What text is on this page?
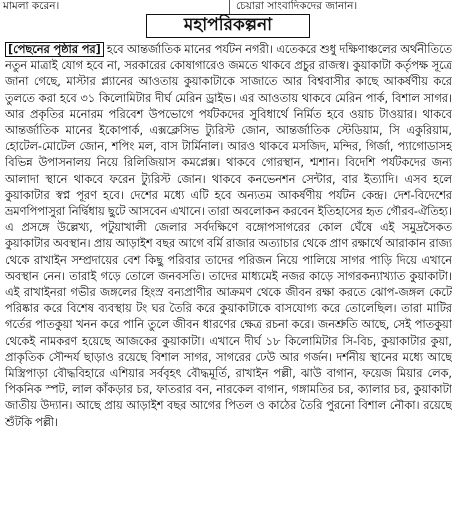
মামলা করেন।	চেয়ারা সাংবাদিকদের জানান।
মহাপরিকল্পনা
[পেছনের পৃষ্ঠার পর] হবে আন্তর্জাতিক মানের পর্যটন নগরী। এতেকরে শুধু দক্ষিণাঞ্চলের অর্থনীতিতে নতুন মাত্রাই যোগ হবে না, সরকারের কোষাগারেও জমতে থাকবে প্রচুর রাজস্ব। কুয়াকাটা কর্তৃপক্ষ সূত্রে জানা গেছে, মাস্টার প্ল্যানের আওতায় কুয়াকাটাকে সাজাতে আর বিশ্ববাসীর কাছে আকর্ষণীয় করে তুলতে করা হবে ৩১ কিলোমিটার দীর্ঘ মেরিন ড্রাইভ। এর আওতায় থাকবে মেরিন পার্ক, বিশাল সাগর। আর প্রকৃতির মনোরম পরিবেশ উপভোগে পর্যটকদের সুবিধার্থে নির্মিত হবে ওয়াচ টাওয়ার। থাকবে আন্তর্জাতিক মানের ইকোপার্ক, এক্সক্লেসিভ ট্যুরিস্ট জোন, আন্তর্জাতিক স্টেডিয়াম, সি একুরিয়াম, হোটেল-মোটেল জোন, শপিং মল, বাস টার্মিনাল। আরও থাকবে মসজিদ, মন্দির, গির্জা, প্যাগোডাসহ বিভিন্ন উপাসনালয় নিয়ে রিলিজিয়াস কমপ্লেক্স। থাকবে গোরস্থান, শ্মশান। বিদেশি পর্যটকদের জন্য আলাদা স্থানে থাকবে ফরেন ট্যুরিস্ট জোন। থাকবে কনভেনশন সেন্টার, বার ইত্যাদি। এসব হলে কুয়াকাটার স্বপ্ন পূরণ হবে। দেশের মধ্যে এটি হবে অন্যতম আকর্ষণীয় পর্যটন কেন্দ্র। দেশ-বিদেশের ভ্রমণপিপাসুরা নির্দ্বিধায় ছুটে আসবেন এখানে। তারা অবলোকন করবেন ইতিহাসের হৃত গৌরব-ঐতিহ্য। এ প্রসঙ্গে উল্লেখ্য, পটুয়াখালী জেলার সর্বদক্ষিণে বঙ্গোপসাগরের কোল ঘেঁষে এই সমুদ্রসৈকত কুয়াকাটার অবস্থান। প্রায় আড়াইশ বছর আগে বর্মি রাজার অত্যাচার থেকে প্রাণ রক্ষার্থে আরাকান রাজ্য থেকে রাখাইন সম্প্রদায়ের বেশ কিছু পরিবার তাদের পরিজন নিয়ে পালিয়ে সাগর পাড়ি দিয়ে এখানে অবস্থান নেন। তারাই গড়ে তোলে জনবসতি। তাদের মাধ্যমেই নজর কাড়ে সাগরকন্যাখ্যাত কুয়াকাটা। এই রাখাইনরা গভীর জঙ্গলের হিংস্র বন্যপ্রাণীর আক্রমণ থেকে জীবন রক্ষা করতে ঝোপ-জঙ্গল কেটে পরিষ্কার করে বিশেষ ব্যবস্থায় টং ঘর তৈরি করে কুয়াকাটাকে বাসযোগ্য করে তোলেছিল। তারা মাটির গর্তের পাতকুয়া খনন করে পানি তুলে জীবন ধারণের ক্ষেত্র রচনা করে। জনশ্রুতি আছে, সেই পাতকুয়া থেকেই নামকরণ হয়েছে আজকের কুয়াকাটা। এখানে দীর্ঘ ১৮ কিলোমিটার সি-বিচ, কুয়াকাটার কুয়া, প্রাকৃতিক সৌন্দর্য ছাড়াও রয়েছে বিশাল সাগর, সাগরের ঢেউ আর গর্জন। দর্শনীয় স্থানের মধ্যে আছে মিস্ত্রিপাড়া বৌদ্ধবিহারে এশিয়ার সর্ববৃহৎ বৌদ্ধমূর্তি, রাখাইন পল্লী, ঝাউ বাগান, ফয়েজ মিয়ার লেক, পিকনিক স্পট, লাল কাঁকড়ার চর, ফাতরার বন, নারকেল বাগান, গঙ্গামতির চর, ক্যালার চর, কুয়াকাটা জাতীয় উদ্যান। আছে প্রায় আড়াইশ বছর আগের পিতল ও কাঠের তৈরি পুরনো বিশাল নৌকা। রয়েছে শুঁটকি পল্লী।
